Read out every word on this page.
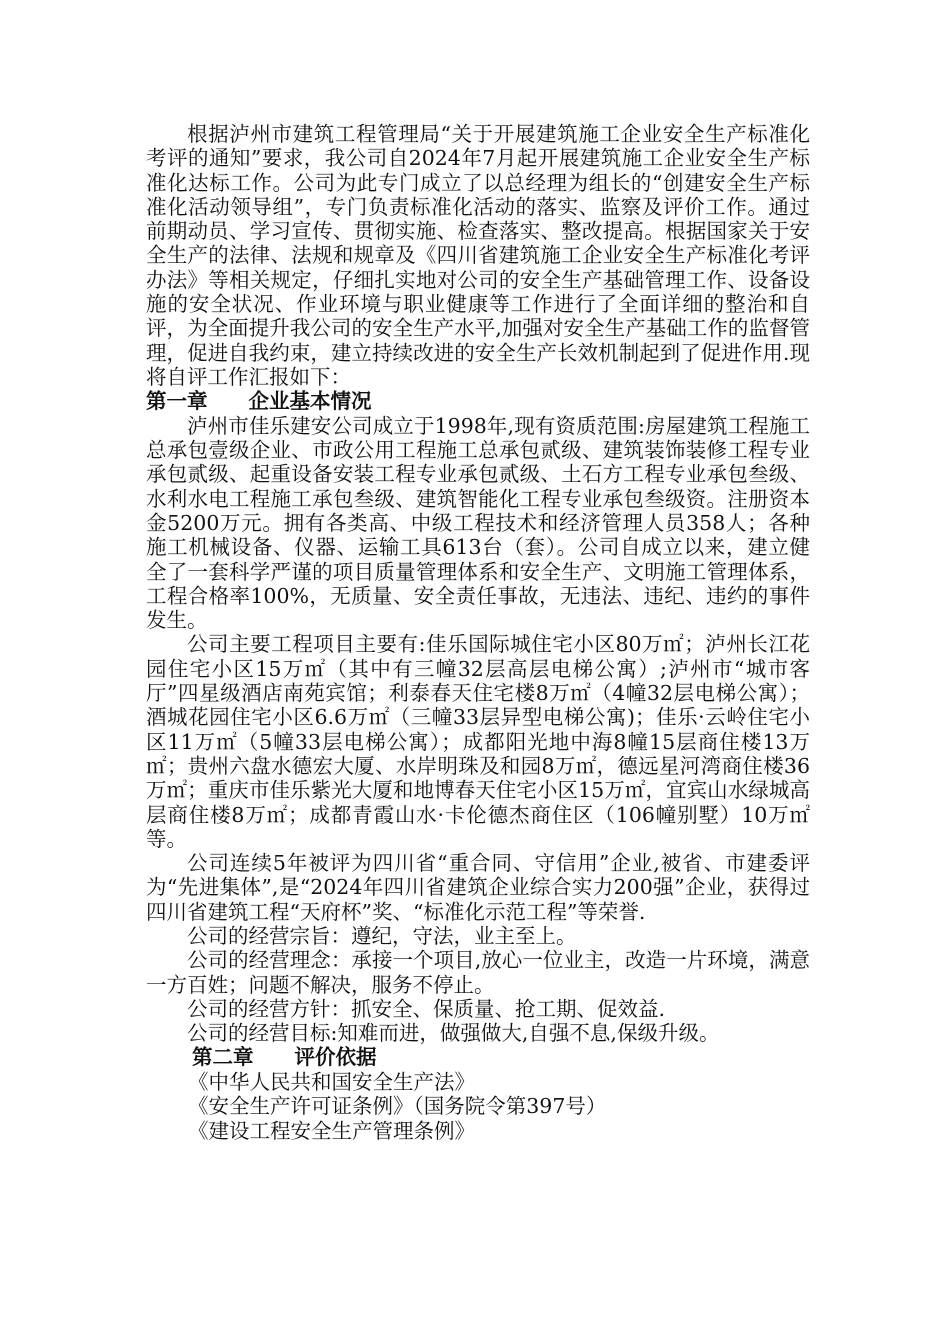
根据泸州市建筑工程管理局“关于开展建筑施工企业安全生产标准化考评的通知”要求，我公司自2024年7月起开展建筑施工企业安全生产标准化达标工作。公司为此专门成立了以总经理为组长的“创建安全生产标准化活动领导组”，专门负责标准化活动的落实、监察及评价工作。通过前期动员、学习宣传、贯彻实施、检查落实、整改提高。根据国家关于安全生产的法律、法规和规章及《四川省建筑施工企业安全生产标准化考评办法》等相关规定，仔细扎实地对公司的安全生产基础管理工作、设备设施的安全状况、作业环境与职业健康等工作进行了全面详细的整治和自评，为全面提升我公司的安全生产水平,加强对安全生产基础工作的监督管理，促进自我约束，建立持续改进的安全生产长效机制起到了促进作用.现将自评工作汇报如下：

第一章　　企业基本情况

泸州市佳乐建安公司成立于1998年,现有资质范围:房屋建筑工程施工总承包壹级企业、市政公用工程施工总承包贰级、建筑装饰装修工程专业承包贰级、起重设备安装工程专业承包贰级、土石方工程专业承包叁级、水利水电工程施工承包叁级、建筑智能化工程专业承包叁级资。注册资本金5200万元。拥有各类高、中级工程技术和经济管理人员358人；各种施工机械设备、仪器、运输工具613台（套）。公司自成立以来，建立健全了一套科学严谨的项目质量管理体系和安全生产、文明施工管理体系，工程合格率100%，无质量、安全责任事故，无违法、违纪、违约的事件发生。

公司主要工程项目主要有:佳乐国际城住宅小区80万㎡；泸州长江花园住宅小区15万㎡（其中有三幢32层高层电梯公寓）;泸州市“城市客厅”四星级酒店南苑宾馆；利泰春天住宅楼8万㎡（4幢32层电梯公寓）；酒城花园住宅小区6.6万㎡（三幢33层异型电梯公寓)；佳乐·云岭住宅小区11万㎡（5幢33层电梯公寓）；成都阳光地中海8幢15层商住楼13万㎡；贵州六盘水德宏大厦、水岸明珠及和园8万㎡，德远星河湾商住楼36万㎡；重庆市佳乐紫光大厦和地博春天住宅小区15万㎡，宜宾山水绿城高层商住楼8万㎡；成都青霞山水·卡伦德杰商住区（106幢别墅）10万㎡等。

公司连续5年被评为四川省“重合同、守信用”企业,被省、市建委评为“先进集体”,是“2024年四川省建筑企业综合实力200强”企业，获得过四川省建筑工程“天府杯”奖、“标准化示范工程”等荣誉.

公司的经营宗旨：遵纪，守法，业主至上。

公司的经营理念：承接一个项目,放心一位业主，改造一片环境，满意一方百姓；问题不解决，服务不停止。

公司的经营方针：抓安全、保质量、抢工期、促效益.

公司的经营目标:知难而进，做强做大,自强不息,保级升级。

第二章　　评价依据

《中华人民共和国安全生产法》

《安全生产许可证条例》（国务院令第397号）

《建设工程安全生产管理条例》
